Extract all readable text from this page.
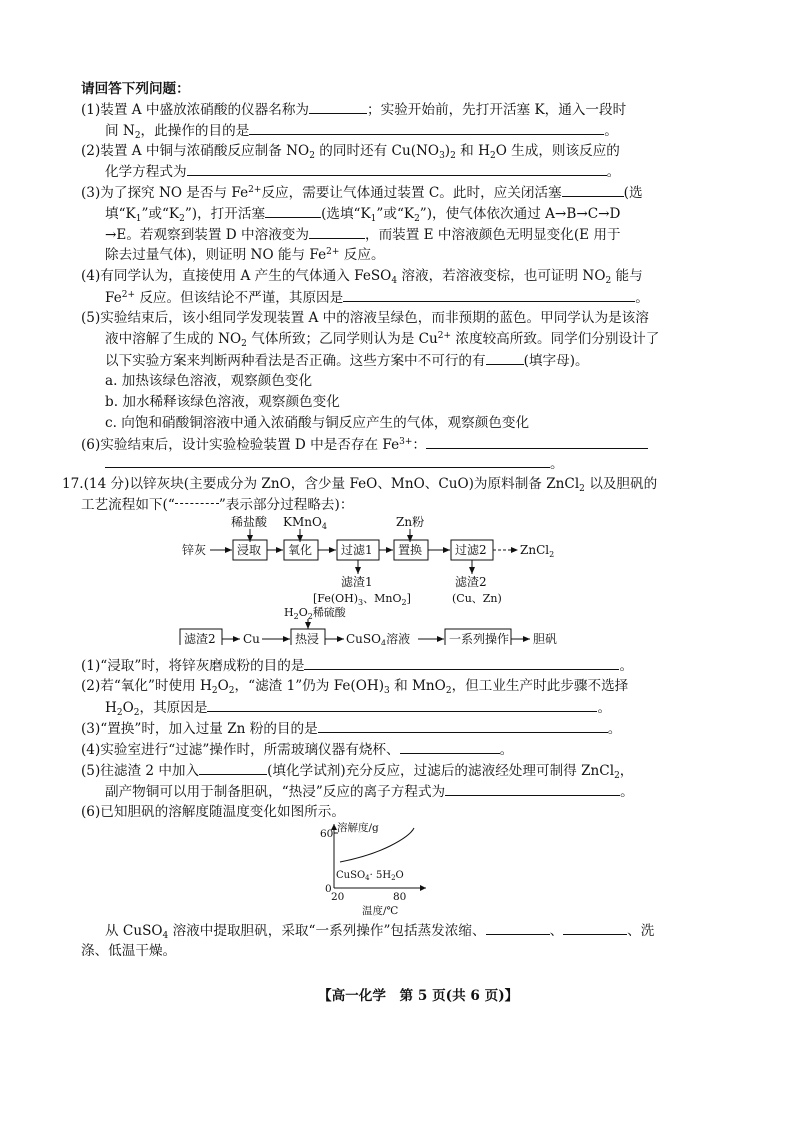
请回答下列问题：
(1)装置 A 中盛放浓硝酸的仪器名称为	；实验开始前，先打开活塞 K，通入一段时
间 $N_2$，此操作的目的是	。
(2)装置 A 中铜与浓硝酸反应制备 $NO_2$ 的同时还有 $Cu(NO_3)_2$ 和 $H_2O$ 生成，则该反应的
化学方程式为	。
(3)为了探究 NO 是否与 $Fe^{2+}$反应，需要让气体通过装置 C。此时，应关闭活塞	(选
填“$K_1$”或“$K_2$”)，打开活塞	(选填“$K_1$”或“$K_2$”)，使气体依次通过 A→B→C→D
→E。若观察到装置 D 中溶液变为	，而装置 E 中溶液颜色无明显变化(E 用于
除去过量气体)，则证明 NO 能与 $Fe^{2+}$ 反应。
(4)有同学认为，直接使用 A 产生的气体通入 FeSO$_4$ 溶液，若溶液变棕，也可证明 $NO_2$ 能与
$Fe^{2+}$ 反应。但该结论不严谨，其原因是	。
(5)实验结束后，该小组同学发现装置 A 中的溶液呈绿色，而非预期的蓝色。甲同学认为是该溶
液中溶解了生成的 $NO_2$ 气体所致；乙同学则认为是 $Cu^{2+}$ 浓度较高所致。同学们分别设计了
以下实验方案来判断两种看法是否正确。这些方案中不可行的有	(填字母)。
a. 加热该绿色溶液，观察颜色变化
b. 加水稀释该绿色溶液，观察颜色变化
c. 向饱和硝酸铜溶液中通入浓硝酸与铜反应产生的气体，观察颜色变化
(6)实验结束后，设计实验检验装置 D 中是否存在 $Fe^{3+}$：
。
17.(14 分)以锌灰块(主要成分为 ZnO，含少量 FeO、MnO、CuO)为原料制备 ZnCl$_2$ 以及胆矾的
工艺流程如下(“	”表示部分过程略去)：
稀盐酸 KMnO$_4$	Zn粉
锌灰	浸取 氧化 过滤1 置换	过滤2	ZnCl$_2$
滤渣1
[$Fe(OH)_3$、MnO$_2$]
滤渣2
(Cu、Zn)
$H_2O_2$稀硫酸
滤渣2 Cu	热浸 CuSO$_4$溶液	一系列操作 胆矾
(1)“浸取”时，将锌灰磨成粉的目的是	。
(2)若“氧化”时使用 $H_2O_2$，“滤渣 1”仍为 $Fe(OH)_3$ 和 MnO$_2$，但工业生产时此步骤不选择
$H_2O_2$，其原因是	。
(3)“置换”时，加入过量 Zn 粉的目的是	。
(4)实验室进行“过滤”操作时，所需玻璃仪器有烧杯、	。
(5)往滤渣 2 中加入	(填化学试剂)充分反应，过滤后的滤液经处理可制得 ZnCl$_2$，
副产物铜可以用于制备胆矾，“热浸”反应的离子方程式为	。
(6)已知胆矾的溶解度随温度变化如图所示。
溶解度/g
60
0
20	80
CuSO$_4$· $5H_2O$
温度/℃
从 CuSO$_4$ 溶液中提取胆矾，采取“一系列操作”包括蒸发浓缩、	、	、洗
涤、低温干燥。
【高一化学　第 5 页(共 6 页)】
